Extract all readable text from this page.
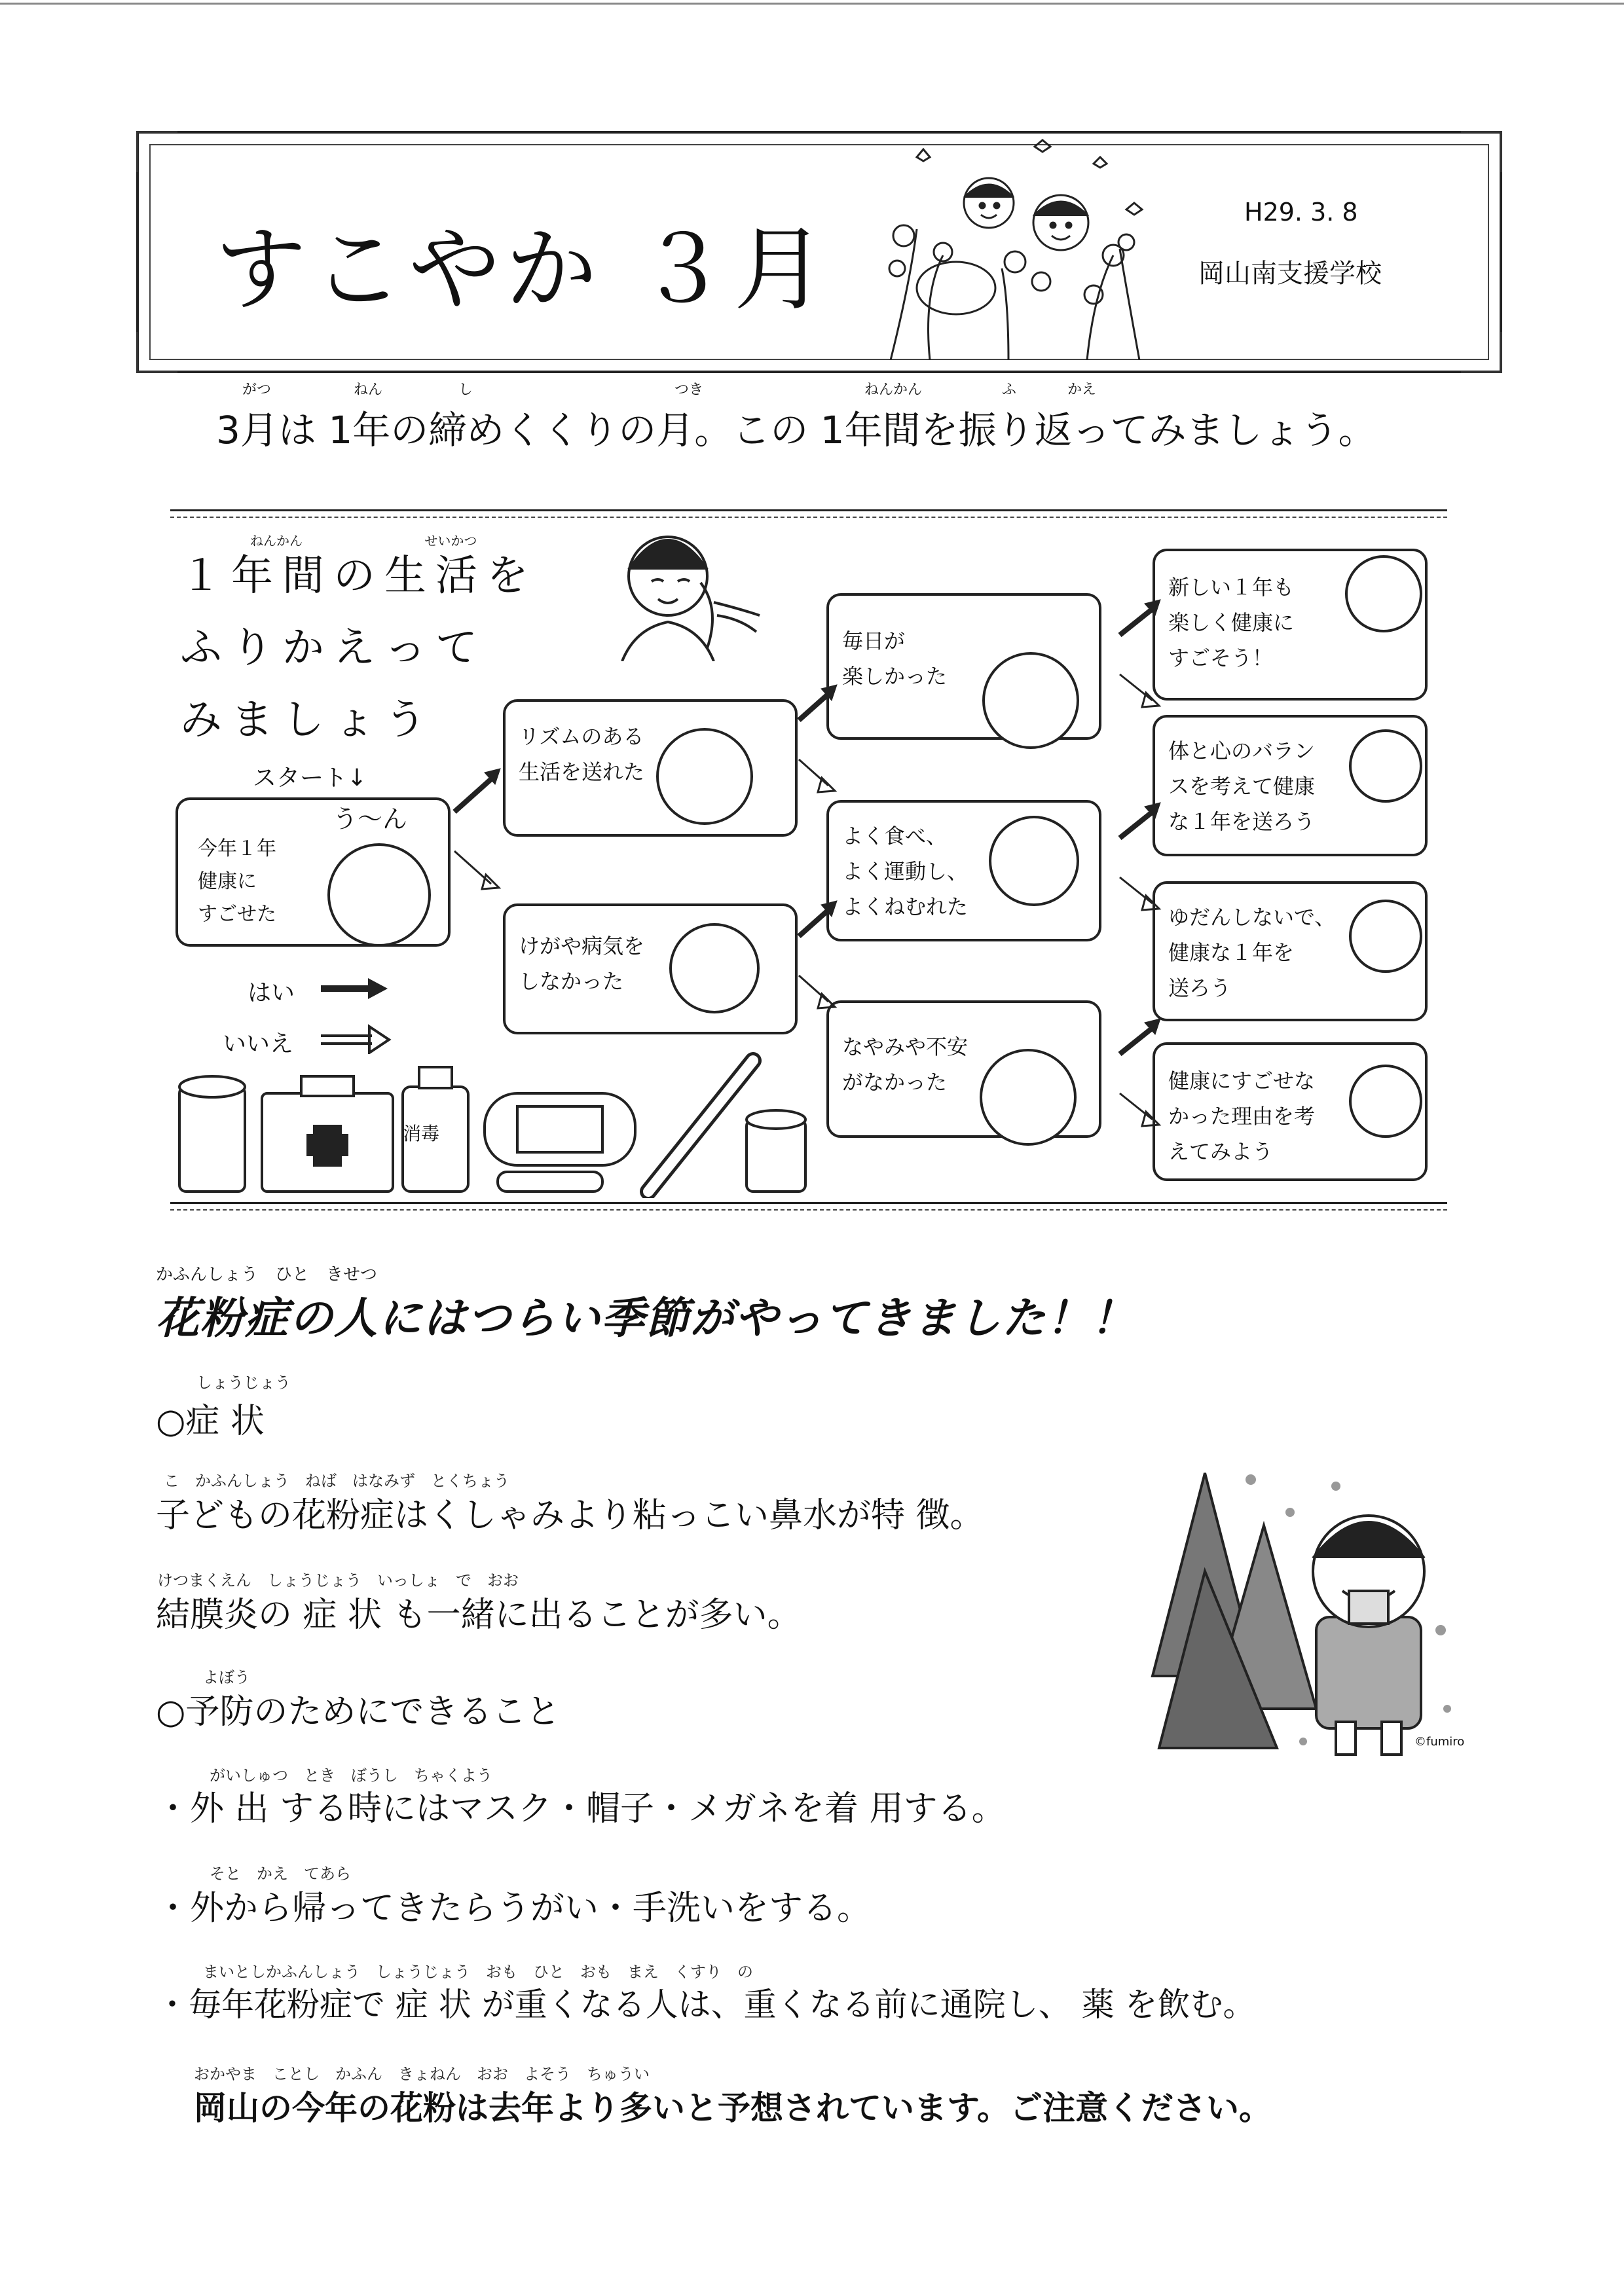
すこやか ３月
H29. 3. 8
岡山南支援学校
がつ	ねん	し	つき	ねんかん	ふ	かえ
3月は 1年の締めくくりの月。この 1年間を振り返ってみましょう。
ねんかん	せいかつ
１年間の生活を
ふりかえって
みましょう
スタート↓
う～ん
今年１年
健康に
すごせた
はい
いいえ
リズムのある
生活を送れた
けがや病気を
しなかった
毎日が
楽しかった
よく食べ、
よく運動し、
よくねむれた
なやみや不安
がなかった
新しい１年も
楽しく健康に
すごそう！
体と心のバラン
スを考えて健康
な１年を送ろう
ゆだんしないで、
健康な１年を
送ろう
健康にすごせな
かった理由を考
えてみよう
消毒
かふんしょう　ひと　きせつ
花粉症の人にはつらい季節がやってきました！！
しょうじょう
○症 状
こ　かふんしょう　ねば　はなみず　とくちょう
子どもの花粉症はくしゃみより粘っこい鼻水が特 徴。
けつまくえん　しょうじょう　いっしょ　で　おお
結膜炎の 症 状 も一緒に出ることが多い。
よぼう
○予防のためにできること
がいしゅつ　とき　ぼうし　ちゃくよう
・外 出 する時にはマスク・帽子・メガネを着 用する。
そと　かえ　てあら
・外から帰ってきたらうがい・手洗いをする。
まいとしかふんしょう　しょうじょう　おも　ひと　おも　まえ　くすり　の
・毎年花粉症で 症 状 が重くなる人は、重くなる前に通院し、 薬 を飲む。
©fumiro
おかやま　ことし　かふん　きょねん　おお　よそう　ちゅうい
岡山の今年の花粉は去年より多いと予想されています。ご注意ください。
